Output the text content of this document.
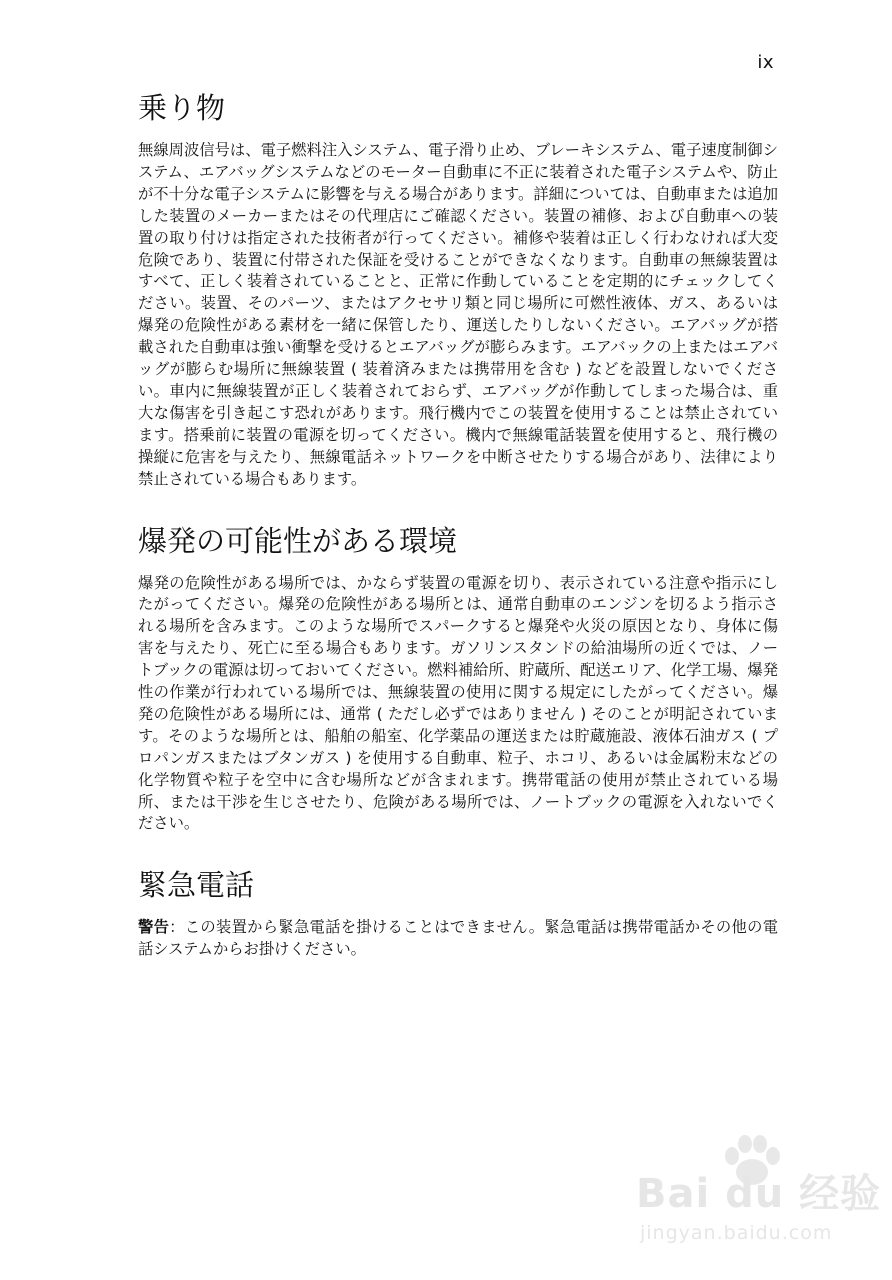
ix
乗り物

無線周波信号は、電子燃料注入システム、電子滑り止め、ブレーキシステム、電子速度制御システム、エアバッグシステムなどのモーター自動車に不正に装着された電子システムや、防止が不十分な電子システムに影響を与える場合があります。詳細については、自動車または追加した装置のメーカーまたはその代理店にご確認ください。装置の補修、および自動車への装置の取り付けは指定された技術者が行ってください。補修や装着は正しく行わなければ大変危険であり、装置に付帯された保証を受けることができなくなります。自動車の無線装置はすべて、正しく装着されていることと、正常に作動していることを定期的にチェックしてください。装置、そのパーツ、またはアクセサリ類と同じ場所に可燃性液体、ガス、あるいは爆発の危険性がある素材を一緒に保管したり、運送したりしないください。エアバッグが搭載された自動車は強い衝撃を受けるとエアバッグが膨らみます。エアバックの上またはエアバッグが膨らむ場所に無線装置 ( 装着済みまたは携帯用を含む ) などを設置しないでください。車内に無線装置が正しく装着されておらず、エアバッグが作動してしまった場合は、重大な傷害を引き起こす恐れがあります。飛行機内でこの装置を使用することは禁止されています。搭乗前に装置の電源を切ってください。機内で無線電話装置を使用すると、飛行機の操縦に危害を与えたり、無線電話ネットワークを中断させたりする場合があり、法律により禁止されている場合もあります。

爆発の可能性がある環境

爆発の危険性がある場所では、かならず装置の電源を切り、表示されている注意や指示にしたがってください。爆発の危険性がある場所とは、通常自動車のエンジンを切るよう指示される場所を含みます。このような場所でスパークすると爆発や火災の原因となり、身体に傷害を与えたり、死亡に至る場合もあります。ガソリンスタンドの給油場所の近くでは、ノートブックの電源は切っておいてください。燃料補給所、貯蔵所、配送エリア、化学工場、爆発性の作業が行われている場所では、無線装置の使用に関する規定にしたがってください。爆発の危険性がある場所には、通常 ( ただし必ずではありません ) そのことが明記されています。そのような場所とは、船舶の船室、化学薬品の運送または貯蔵施設、液体石油ガス ( プロパンガスまたはブタンガス ) を使用する自動車、粒子、ホコリ、あるいは金属粉末などの化学物質や粒子を空中に含む場所などが含まれます。携帯電話の使用が禁止されている場所、または干渉を生じさせたり、危険がある場所では、ノートブックの電源を入れないでください。

緊急電話

警告：この装置から緊急電話を掛けることはできません。緊急電話は携帯電話かその他の電話システムからお掛けください。

Bai du 经验
jingyan.baidu.com
